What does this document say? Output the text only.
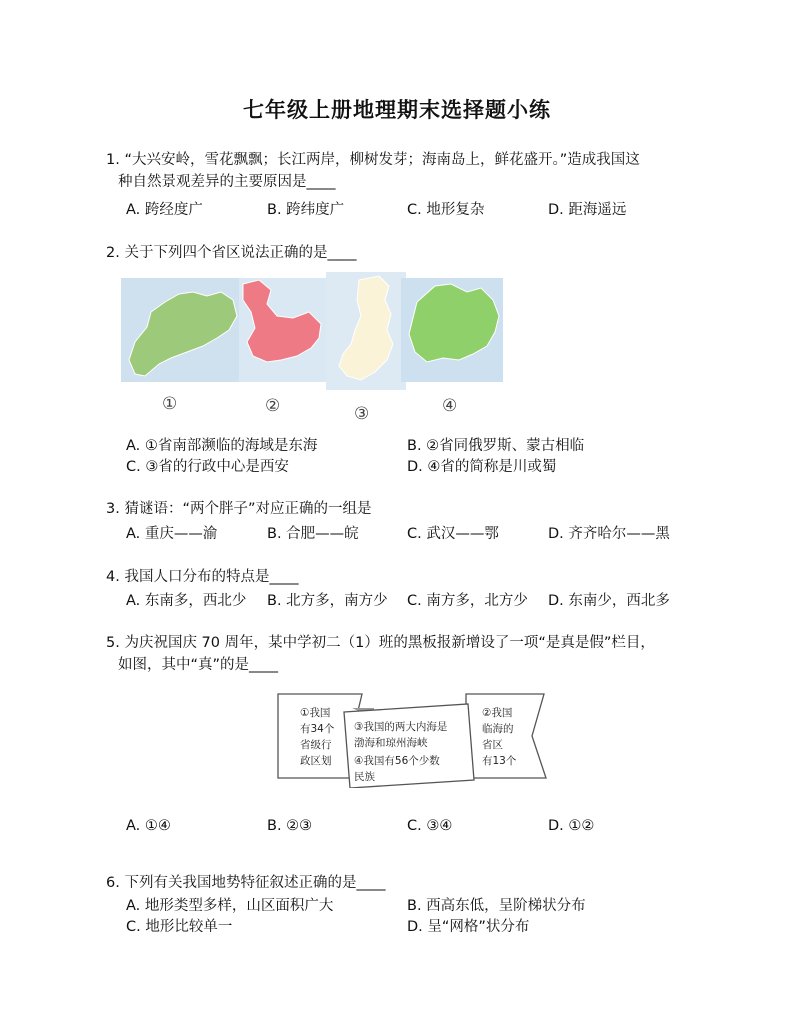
七年级上册地理期末选择题小练
1. “大兴安岭，雪花飘飘；长江两岸，柳树发芽；海南岛上，鲜花盛开。”造成我国这
种自然景观差异的主要原因是____
A. 跨经度广	B. 跨纬度广	C. 地形复杂	D. 距海遥远
2. 关于下列四个省区说法正确的是____
①	②	③	④
A. ①省南部濒临的海域是东海	B. ②省同俄罗斯、蒙古相临
C. ③省的行政中心是西安	D. ④省的简称是川或蜀
3. 猜谜语：“两个胖子”对应正确的一组是
A. 重庆——渝	B. 合肥——皖	C. 武汉——鄂	D. 齐齐哈尔——黑
4. 我国人口分布的特点是____
A. 东南多，西北少 B. 北方多，南方少 C. 南方多，北方少 D. 东南少，西北多
5. 为庆祝国庆 70 周年，某中学初二（1）班的黑板报新增设了一项“是真是假”栏目，
如图，其中“真”的是____
①我国
有34个
省级行
政区划
③我国的两大内海是
渤海和琼州海峡
④我国有56个少数
民族
②我国
临海的
省区
有13个
A. ①④	B. ②③	C. ③④	D. ①②
6. 下列有关我国地势特征叙述正确的是____
A. 地形类型多样，山区面积广大	B. 西高东低，呈阶梯状分布
C. 地形比较单一	D. 呈“网格”状分布
